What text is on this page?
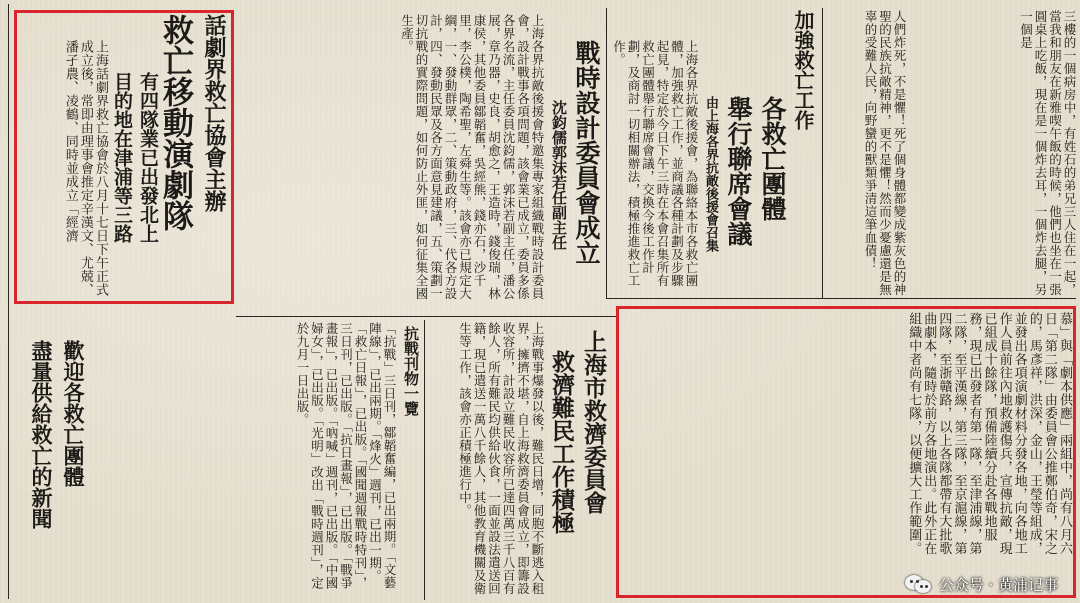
話劇界救亡協會主辦
救亡移動演劇隊
有四隊業已出發北上
目的地在津浦等三路
上海話劇界救亡協會於八月十七日下午正式成立後，常即由理事會推定辛漢文、尤兢、潘孑農、凌鶴、同時並成立「經濟	戰時設計委員會成立
沈鈞儒郭沫若任副主任
上海各界抗敵後援會特邀集專家組織戰時設計委員會，設計戰事各項問題，該會業已成立，委員多係各界名流，主任委員沈鈞儒，郭沫若副主任，潘公展，章乃器，史良，胡愈之，王造時，錢俊瑞，林康侯，其他委員鄒韜奮，吳經熊，錢亦石，沙千里，李公樸，陶希聖，左舜生等。該會亦已規定大綱，一、發動群眾，二、策動政府，三、代各方設計，四、發動民眾及各方面意見建議，五、策劃一切抗戰的實際問題，如何防止外匪，如何征集全國生產。	加強救亡工作
各救亡團體
舉行聯席會議
由上海各界抗敵後援會召集
上海各界抗敵後援會，為聯絡本市各救亡團體，加強救亡工作，並商議各種計劃及步驟起見，特定於今日下午三時在本會召集所有救亡團體舉行聯席會議，交換今後工作計劃，及商討一切相關辦法，積極推進救亡工作。	三樓的一個病房中，有姓石的弟兄三人住在一起，當我和朋友在新雅喫午飯的時候，他們也坐在一張圓桌上吃飯，現在是一個炸去耳，一個炸去腿，另一個是
人們炸死，不是懼！死了個身體都變成紫灰色的神聖的民族抗敵精神，更不是懼！然而少憂慮還是無辜的受難人民，向野蠻的獸類爭清這筆血債！
慕」與「劇本供應」兩組中，尚有八月六日「第二隊」由委員會公推鄭伯奇，宋之的，馬彥祥，洪深，金山，王瑩等組成，並發出各項演劇材料分發各地，向各地工作人員前往內地救護傷兵，宣傳抗敵，現已組成十餘隊，預備陸續分赴各戰地服務，現已出發者有第一隊，至津浦線，第二隊，至平漢線，第三隊，至京滬線，第四隊，至浙贛路，以上各隊都帶有大批歌曲劇本，隨時於前方各地演出。此外正在組織中者尚有七隊，以便擴大工作範圍。
上海市救濟委員會
救濟難民工作積極
上海戰事爆發以後，難民日增，同胞不斷逃入租界，擁擠不堪，自上海救濟委員會成立，即籌設收容所，計設立難民收容所已達四萬三千八百有餘人，所有難民均供給伙食，一面並設法遣送回籍，現已遣送一萬八千餘人，其他教育機關及衛生等工作，該會亦正積極進行中。
抗戰刊物一覽
「抗戰」三日刊，鄒韜奮編，已出兩期。「文藝陣線」，已出兩期。「烽火」週刊，已出一期。「救亡日報」，已出版。「國聞週報戰時特刊」，三日刊，已出版。「抗日畫報」，已出版。「戰爭畫報」，已出版。「吶喊」週刊，已出版。「中國婦女」，已出版。「光明」改出「戰時週刊」，定於九月一日出版。
歡迎各救亡團體
盡量供給救亡的新聞
公众号 · 黄浦记事
